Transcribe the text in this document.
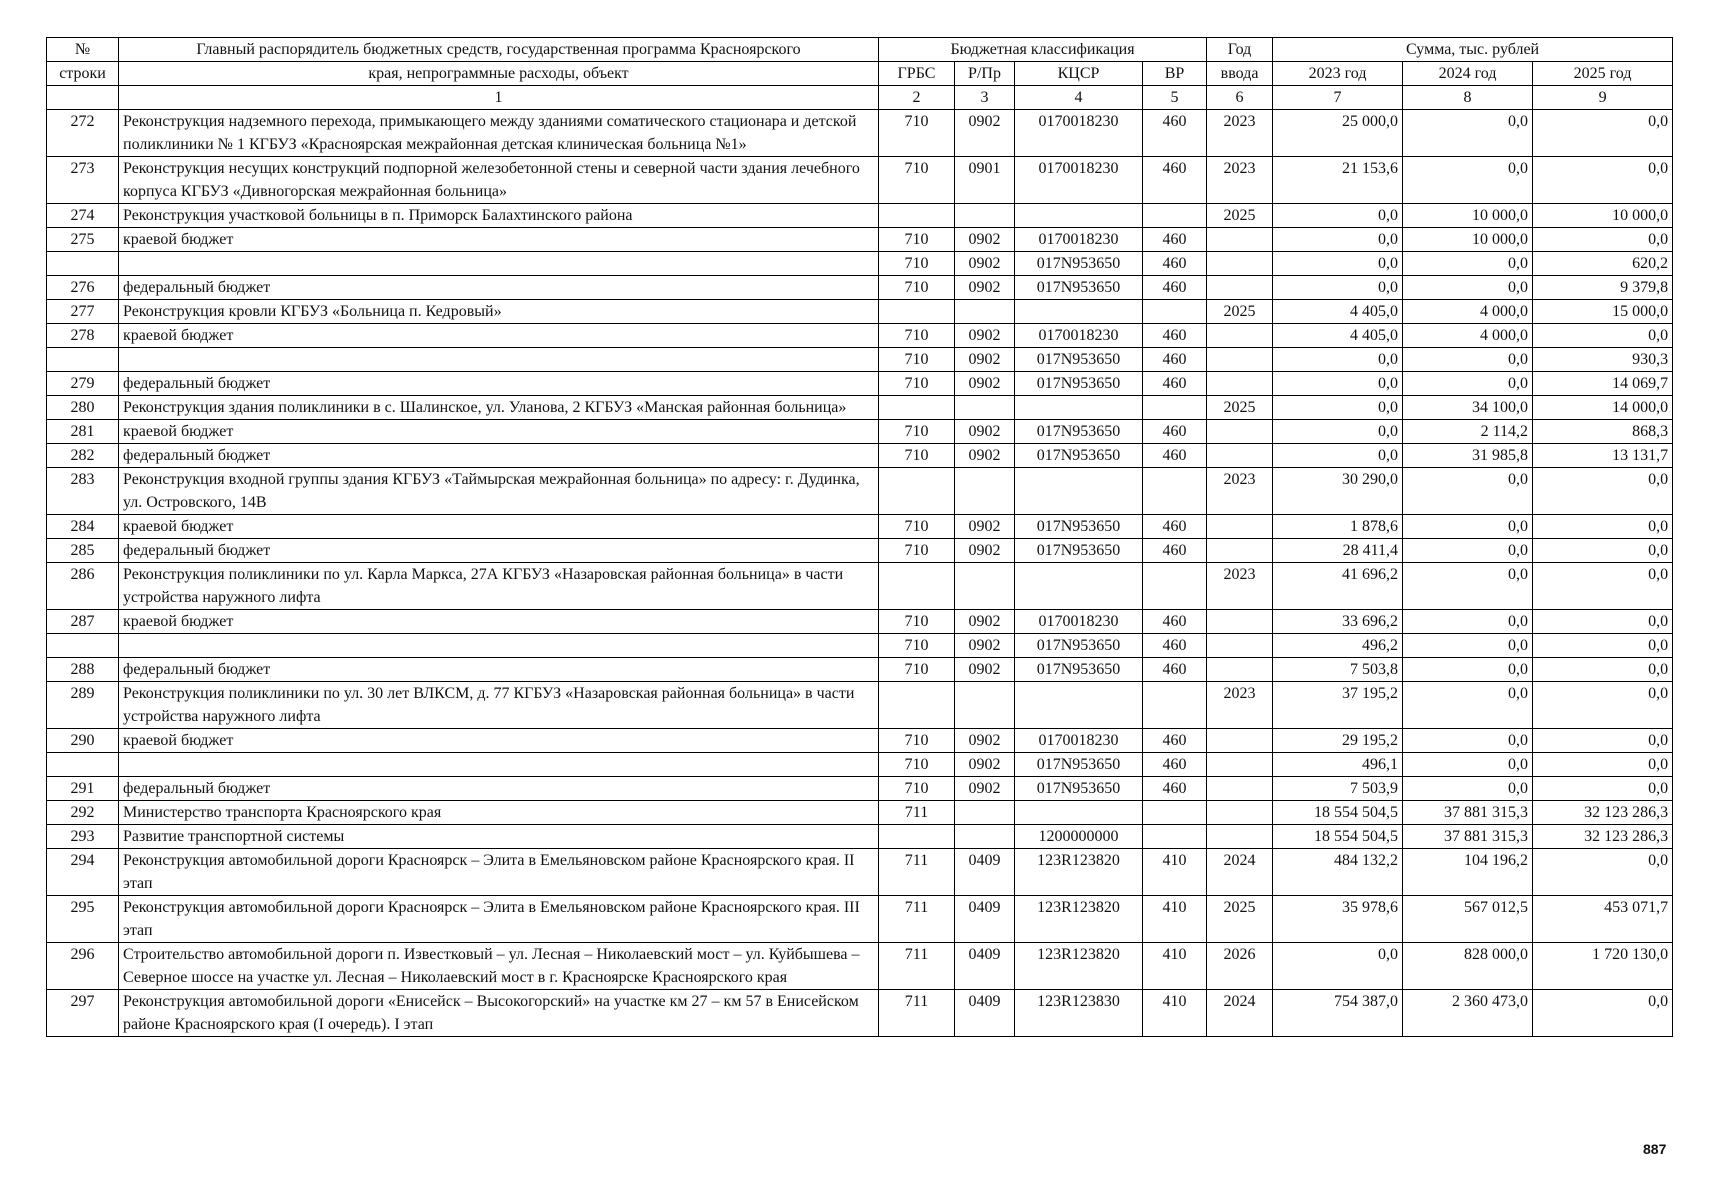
№	Главный распорядитель бюджетных средств, государственная программа Красноярского	Бюджетная классификация				Год	Сумма, тыс. рублей		
строки	края, непрограммные расходы, объект	ГРБС	Р/Пр	КЦСР	ВР	ввода	2023 год	2024 год	2025 год
	1	2	3	4	5	6	7	8	9
272	Реконструкция надземного перехода, примыкающего между зданиями соматического стационара и детской поликлиники № 1 КГБУЗ «Красноярская межрайонная детская клиническая больница №1»	710	0902	0170018230	460	2023	25 000,0	0,0	0,0
273	Реконструкция несущих конструкций подпорной железобетонной стены и северной части здания лечебного корпуса КГБУЗ «Дивногорская межрайонная больница»	710	0901	0170018230	460	2023	21 153,6	0,0	0,0
274	Реконструкция участковой больницы в п. Приморск Балахтинского района					2025	0,0	10 000,0	10 000,0
275	краевой бюджет	710	0902	0170018230	460		0,0	10 000,0	0,0
		710	0902	017N953650	460		0,0	0,0	620,2
276	федеральный бюджет	710	0902	017N953650	460		0,0	0,0	9 379,8
277	Реконструкция кровли КГБУЗ «Больница п. Кедровый»					2025	4 405,0	4 000,0	15 000,0
278	краевой бюджет	710	0902	0170018230	460		4 405,0	4 000,0	0,0
		710	0902	017N953650	460		0,0	0,0	930,3
279	федеральный бюджет	710	0902	017N953650	460		0,0	0,0	14 069,7
280	Реконструкция здания поликлиники в с. Шалинское, ул. Уланова, 2 КГБУЗ «Манская районная больница»					2025	0,0	34 100,0	14 000,0
281	краевой бюджет	710	0902	017N953650	460		0,0	2 114,2	868,3
282	федеральный бюджет	710	0902	017N953650	460		0,0	31 985,8	13 131,7
283	Реконструкция входной группы здания КГБУЗ «Таймырская межрайонная больница» по адресу: г. Дудинка, ул. Островского, 14В					2023	30 290,0	0,0	0,0
284	краевой бюджет	710	0902	017N953650	460		1 878,6	0,0	0,0
285	федеральный бюджет	710	0902	017N953650	460		28 411,4	0,0	0,0
286	Реконструкция поликлиники по ул. Карла Маркса, 27А КГБУЗ «Назаровская районная больница» в части устройства наружного лифта					2023	41 696,2	0,0	0,0
287	краевой бюджет	710	0902	0170018230	460		33 696,2	0,0	0,0
		710	0902	017N953650	460		496,2	0,0	0,0
288	федеральный бюджет	710	0902	017N953650	460		7 503,8	0,0	0,0
289	Реконструкция поликлиники по ул. 30 лет ВЛКСМ, д. 77 КГБУЗ «Назаровская районная больница» в части устройства наружного лифта					2023	37 195,2	0,0	0,0
290	краевой бюджет	710	0902	0170018230	460		29 195,2	0,0	0,0
		710	0902	017N953650	460		496,1	0,0	0,0
291	федеральный бюджет	710	0902	017N953650	460		7 503,9	0,0	0,0
292	Министерство транспорта Красноярского края	711					18 554 504,5	37 881 315,3	32 123 286,3
293	Развитие транспортной системы			1200000000			18 554 504,5	37 881 315,3	32 123 286,3
294	Реконструкция автомобильной дороги Красноярск – Элита в Емельяновском районе Красноярского края. II этап	711	0409	123R123820	410	2024	484 132,2	104 196,2	0,0
295	Реконструкция автомобильной дороги Красноярск – Элита в Емельяновском районе Красноярского края. III этап	711	0409	123R123820	410	2025	35 978,6	567 012,5	453 071,7
296	Строительство автомобильной дороги п. Известковый – ул. Лесная – Николаевский мост – ул. Куйбышева – Северное шоссе на участке ул. Лесная – Николаевский мост в г. Красноярске Красноярского края	711	0409	123R123820	410	2026	0,0	828 000,0	1 720 130,0
297	Реконструкция автомобильной дороги «Енисейск – Высокогорский» на участке км 27 – км 57 в Енисейском районе Красноярского края (I очередь). I этап	711	0409	123R123830	410	2024	754 387,0	2 360 473,0	0,0
887
